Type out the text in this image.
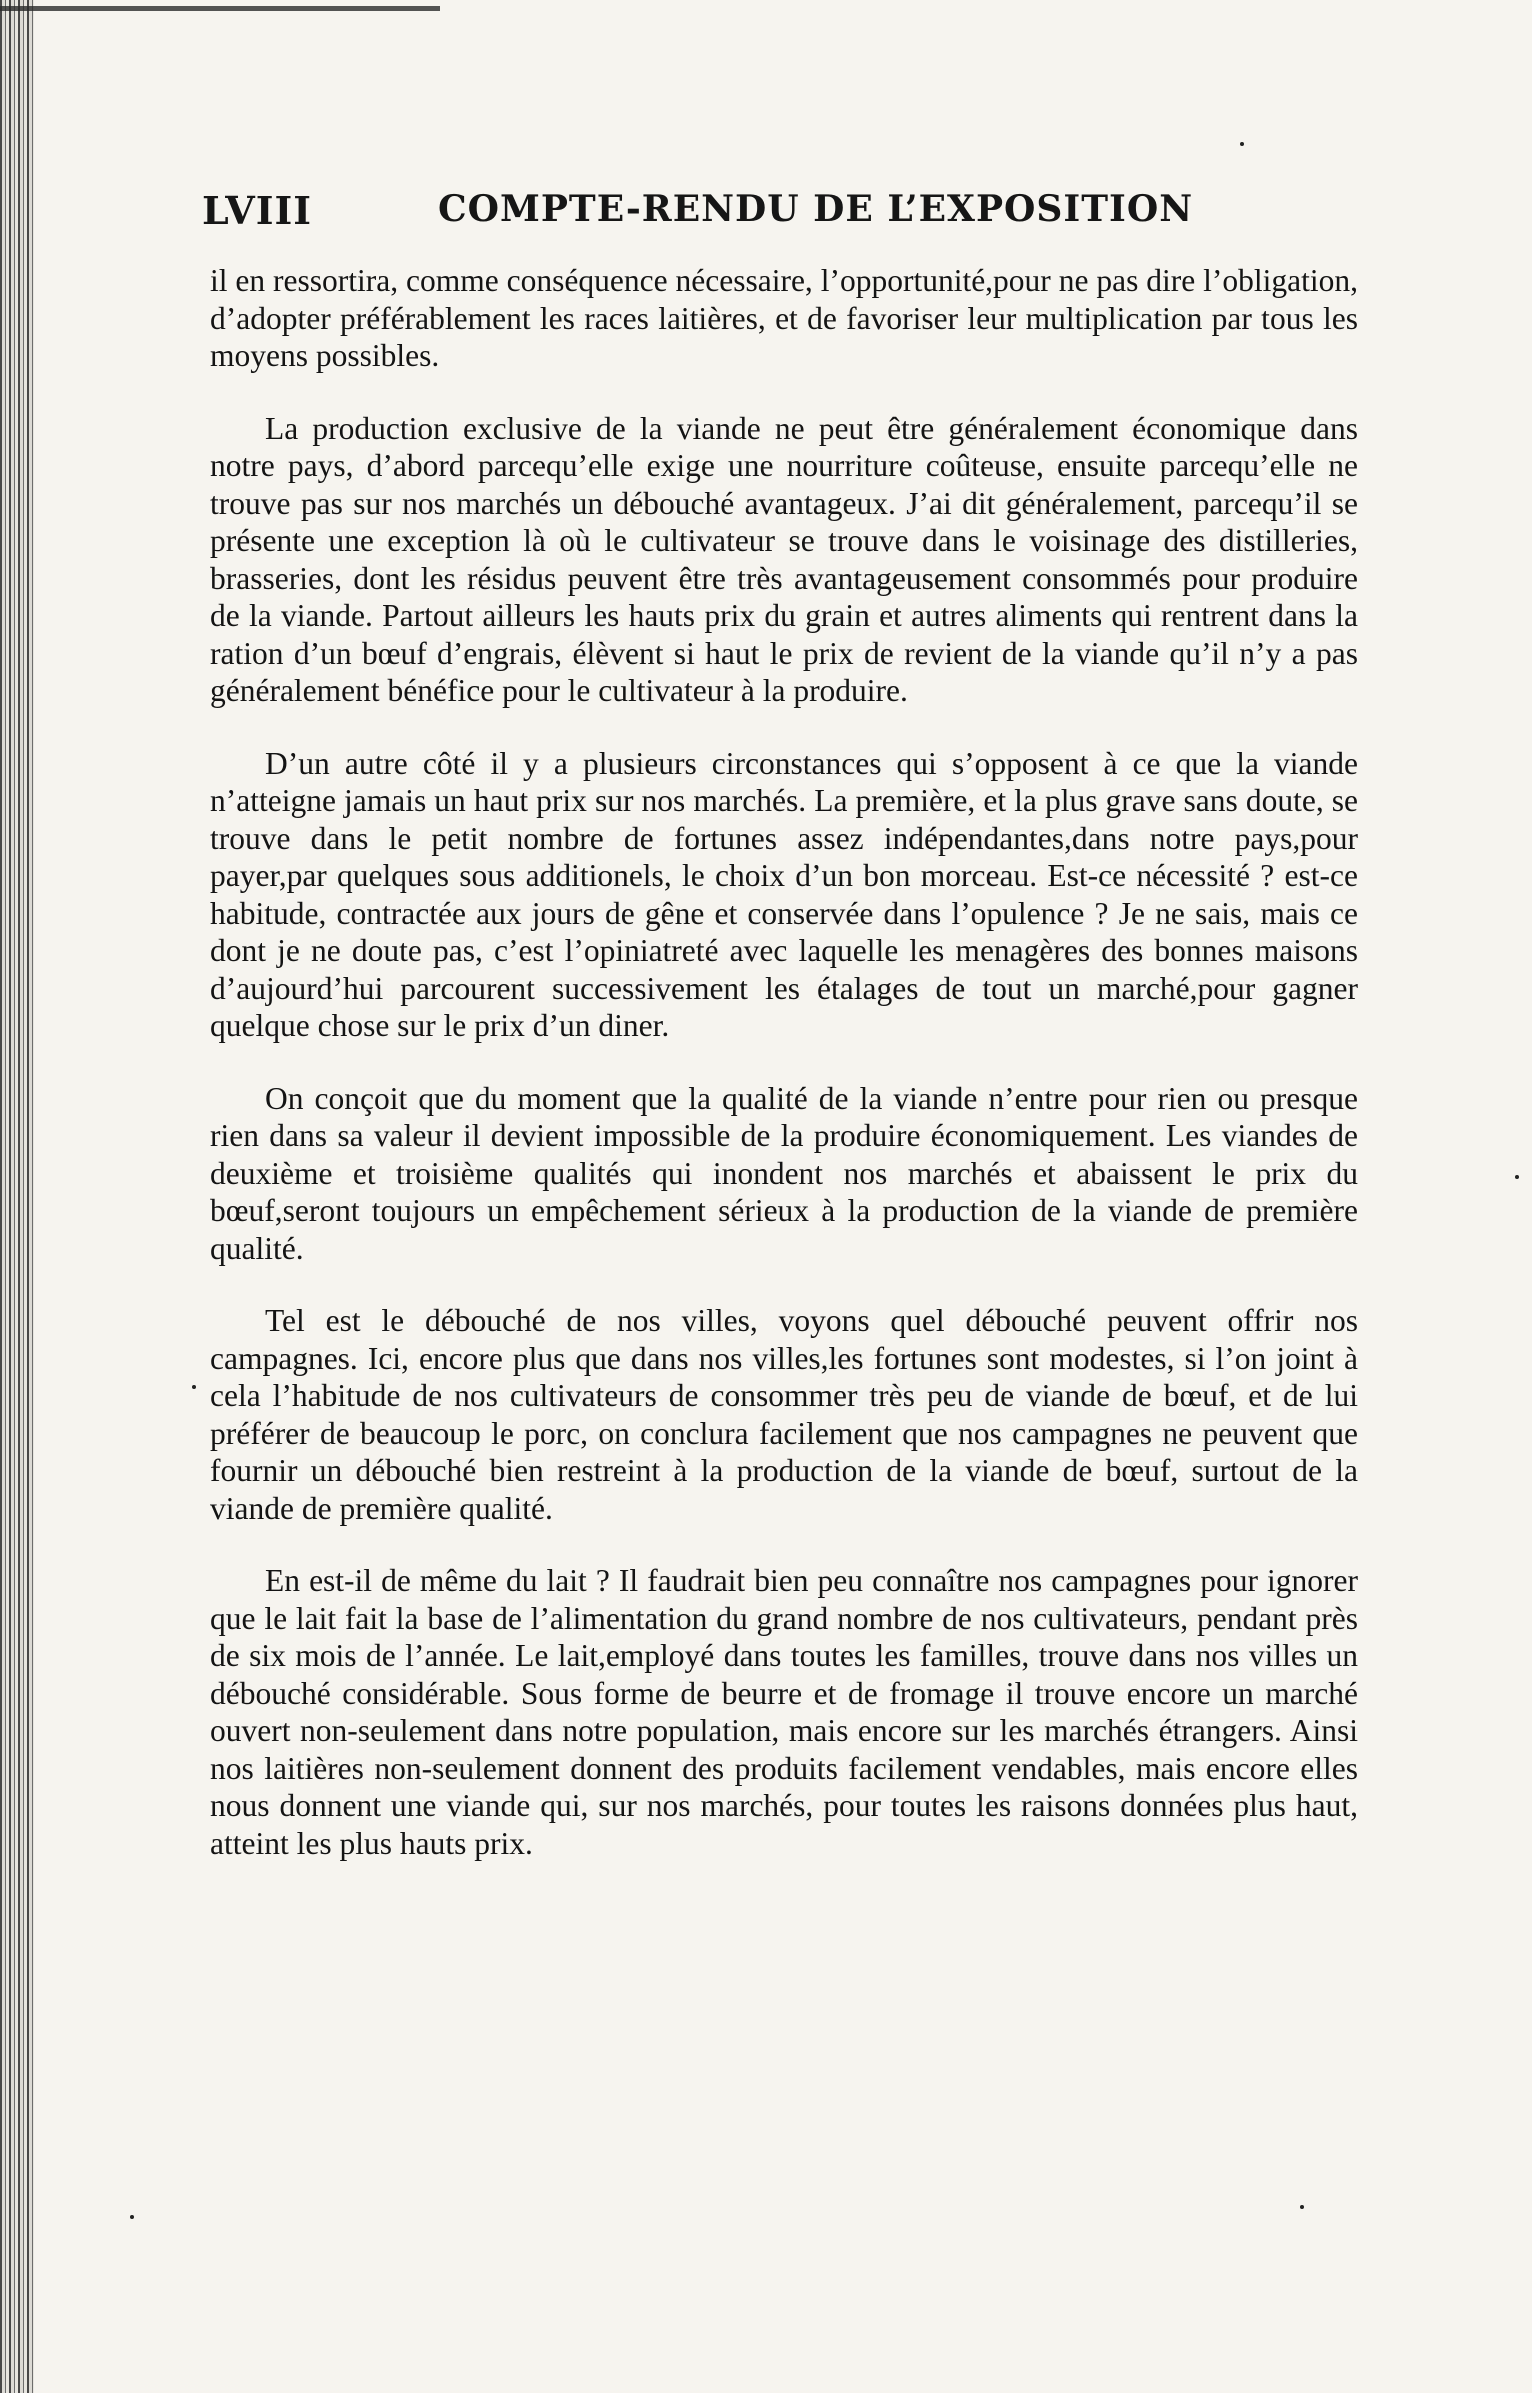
LVIII	COMPTE-RENDU DE L’EXPOSITION

il en ressortira, comme conséquence nécessaire, l’opportunité,pour ne pas dire l’obligation, d’adopter préférablement les races laitières, et de favoriser leur multiplication par tous les moyens possibles.

La production exclusive de la viande ne peut être généralement économique dans notre pays, d’abord parcequ’elle exige une nourriture coûteuse, ensuite parcequ’elle ne trouve pas sur nos marchés un débouché avantageux. J’ai dit généralement, parcequ’il se présente une exception là où le cultivateur se trouve dans le voisinage des distilleries, brasseries, dont les résidus peuvent être très avantageusement consommés pour produire de la viande. Partout ailleurs les hauts prix du grain et autres aliments qui rentrent dans la ration d’un bœuf d’engrais, élèvent si haut le prix de revient de la viande qu’il n’y a pas généralement bénéfice pour le cultivateur à la produire.

D’un autre côté il y a plusieurs circonstances qui s’opposent à ce que la viande n’atteigne jamais un haut prix sur nos marchés. La première, et la plus grave sans doute, se trouve dans le petit nombre de fortunes assez indépendantes,dans notre pays,pour payer,par quelques sous additionels, le choix d’un bon morceau. Est-ce nécessité ? est-ce habitude, contractée aux jours de gêne et conservée dans l’opulence ? Je ne sais, mais ce dont je ne doute pas, c’est l’opiniatreté avec laquelle les menagères des bonnes maisons d’aujourd’hui parcourent successivement les étalages de tout un marché,pour gagner quelque chose sur le prix d’un diner.

On conçoit que du moment que la qualité de la viande n’entre pour rien ou presque rien dans sa valeur il devient impossible de la produire économiquement. Les viandes de deuxième et troisième qualités qui inondent nos marchés et abaissent le prix du bœuf,seront toujours un empêchement sérieux à la production de la viande de première qualité.

Tel est le débouché de nos villes, voyons quel débouché peuvent offrir nos campagnes. Ici, encore plus que dans nos villes,les fortunes sont modestes, si l’on joint à cela l’habitude de nos cultivateurs de consommer très peu de viande de bœuf, et de lui préférer de beaucoup le porc, on conclura facilement que nos campagnes ne peuvent que fournir un débouché bien restreint à la production de la viande de bœuf, surtout de la viande de première qualité.

En est-il de même du lait ? Il faudrait bien peu connaître nos campagnes pour ignorer que le lait fait la base de l’alimentation du grand nombre de nos cultivateurs, pendant près de six mois de l’année. Le lait,employé dans toutes les familles, trouve dans nos villes un débouché considérable. Sous forme de beurre et de fromage il trouve encore un marché ouvert non-seulement dans notre population, mais encore sur les marchés étrangers. Ainsi nos laitières non-seulement donnent des produits facilement vendables, mais encore elles nous donnent une viande qui, sur nos marchés, pour toutes les raisons données plus haut, atteint les plus hauts prix.
